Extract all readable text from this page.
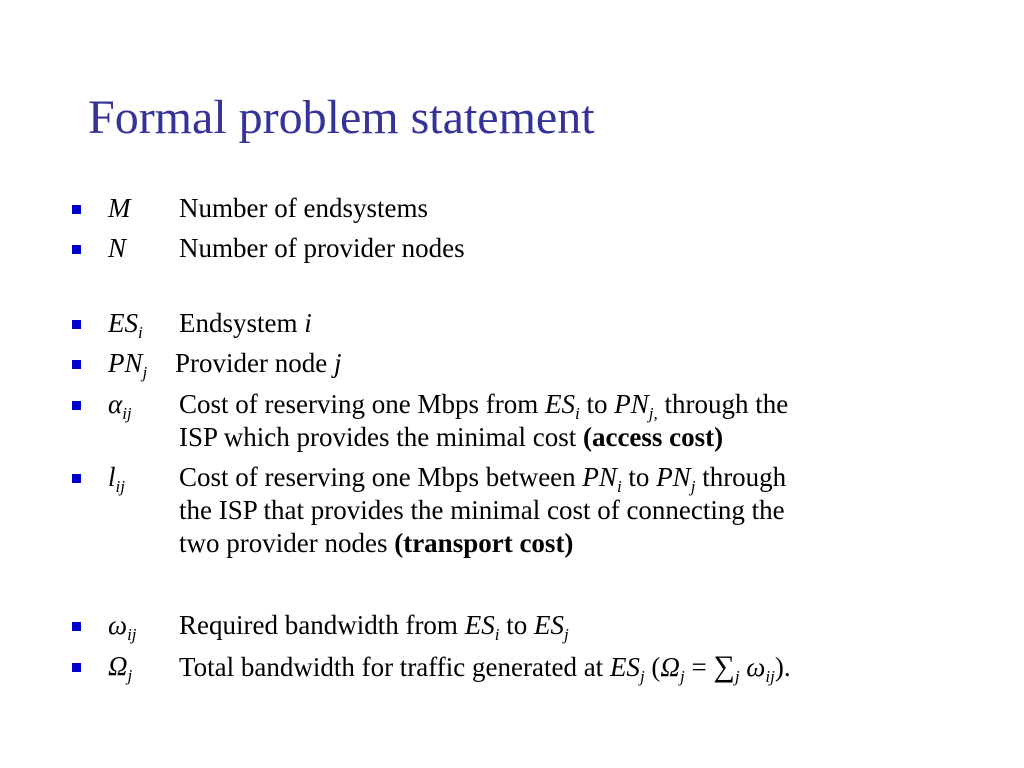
Formal problem statement
M Number of endsystems
N Number of provider nodes
$ES_i$ Endsystem i
$PN_j$ Provider node j
$\alpha_{ij}$ Cost of reserving one Mbps from $ES_i$ to $PN_{j,}$ through the
ISP which provides the minimal cost (access cost)
$l_{ij}$ Cost of reserving one Mbps between $PN_i$ to $PN_j$ through
the ISP that provides the minimal cost of connecting the
two provider nodes (transport cost)
$\omega_{ij}$ Required bandwidth from $ES_i$ to $ES_j$
$\Omega_j$ Total bandwidth for traffic generated at $ES_j$ ($\Omega_j = \sum_j$ $\omega_{ij}$).
